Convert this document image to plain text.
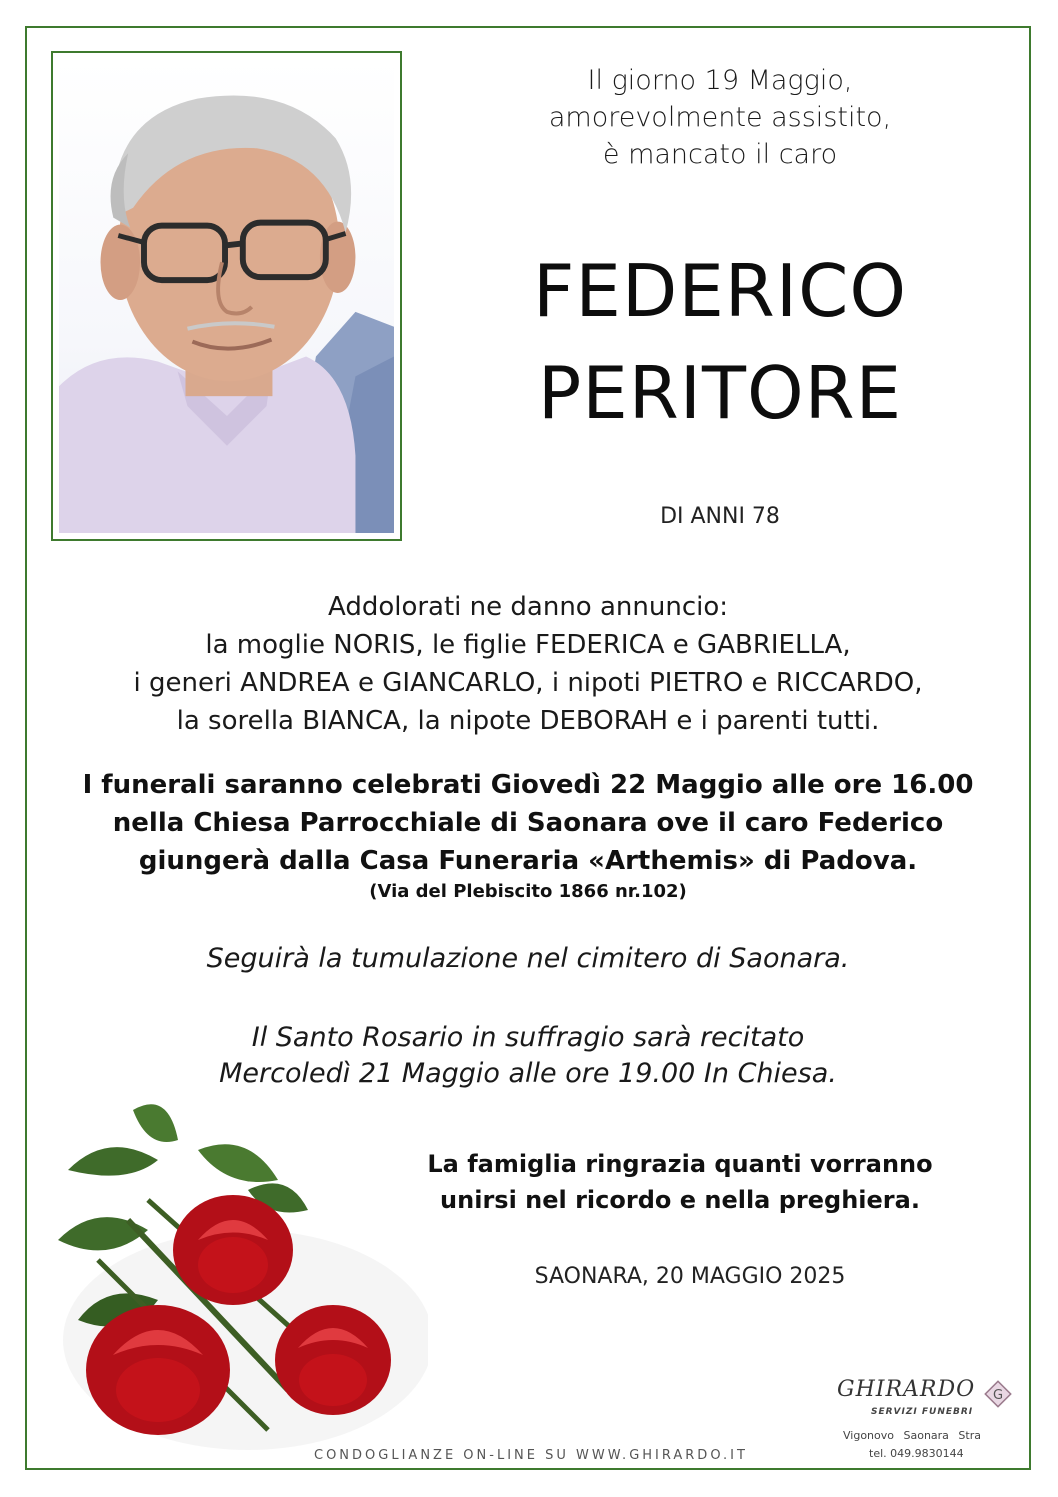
Il giorno 19 Maggio,
amorevolmente assistito,
è mancato il caro
FEDERICO
PERITORE
DI ANNI 78
Addolorati ne danno annuncio:
la moglie NORIS, le figlie FEDERICA e GABRIELLA,
i generi ANDREA e GIANCARLO, i nipoti PIETRO e RICCARDO,
la sorella BIANCA, la nipote DEBORAH e i parenti tutti.
I funerali saranno celebrati Giovedì 22 Maggio alle ore 16.00
nella Chiesa Parrocchiale di Saonara ove il caro Federico
giungerà dalla Casa Funeraria «Arthemis» di Padova.
(Via del Plebiscito 1866 nr.102)
Seguirà la tumulazione nel cimitero di Saonara.
Il Santo Rosario in suffragio sarà recitato
Mercoledì 21 Maggio alle ore 19.00 In Chiesa.
La famiglia ringrazia quanti vorranno
unirsi nel ricordo e nella preghiera.
SAONARA, 20 MAGGIO 2025
CONDOGLIANZE ON-LINE SU WWW.GHIRARDO.IT
GHIRARDO
SERVIZI FUNEBRI
G
Vigonovo Saonara Stra
tel. 049.9830144
